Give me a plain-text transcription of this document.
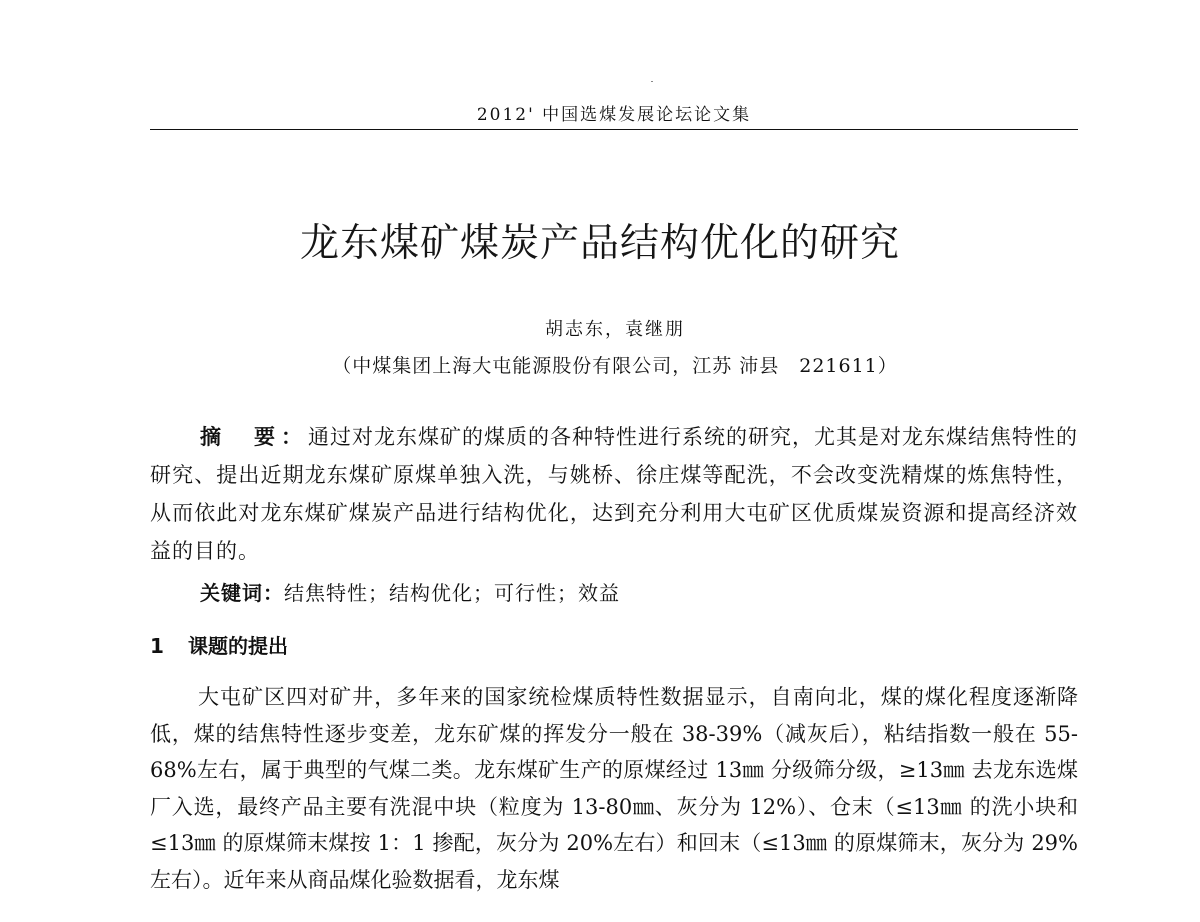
2012' 中国选煤发展论坛论文集
龙东煤矿煤炭产品结构优化的研究
胡志东，袁继朋
（中煤集团上海大屯能源股份有限公司，江苏 沛县　221611）
摘　要：通过对龙东煤矿的煤质的各种特性进行系统的研究，尤其是对龙东煤结焦特性的研究、提出近期龙东煤矿原煤单独入洗，与姚桥、徐庄煤等配洗，不会改变洗精煤的炼焦特性，从而依此对龙东煤矿煤炭产品进行结构优化，达到充分利用大屯矿区优质煤炭资源和提高经济效益的目的。
关键词：结焦特性；结构优化；可行性；效益
1 课题的提出
大屯矿区四对矿井，多年来的国家统检煤质特性数据显示，自南向北，煤的煤化程度逐渐降低，煤的结焦特性逐步变差，龙东矿煤的挥发分一般在 38-39%（减灰后），粘结指数一般在 55-68%左右，属于典型的气煤二类。龙东煤矿生产的原煤经过 13㎜ 分级筛分级，≥13㎜ 去龙东选煤厂入选，最终产品主要有洗混中块（粒度为 13-80㎜、灰分为 12%）、仓末（≤13㎜ 的洗小块和≤13㎜ 的原煤筛末煤按 1：1 掺配，灰分为 20%左右）和回末（≤13㎜ 的原煤筛末，灰分为 29%左右）。近年来从商品煤化验数据看，龙东煤
